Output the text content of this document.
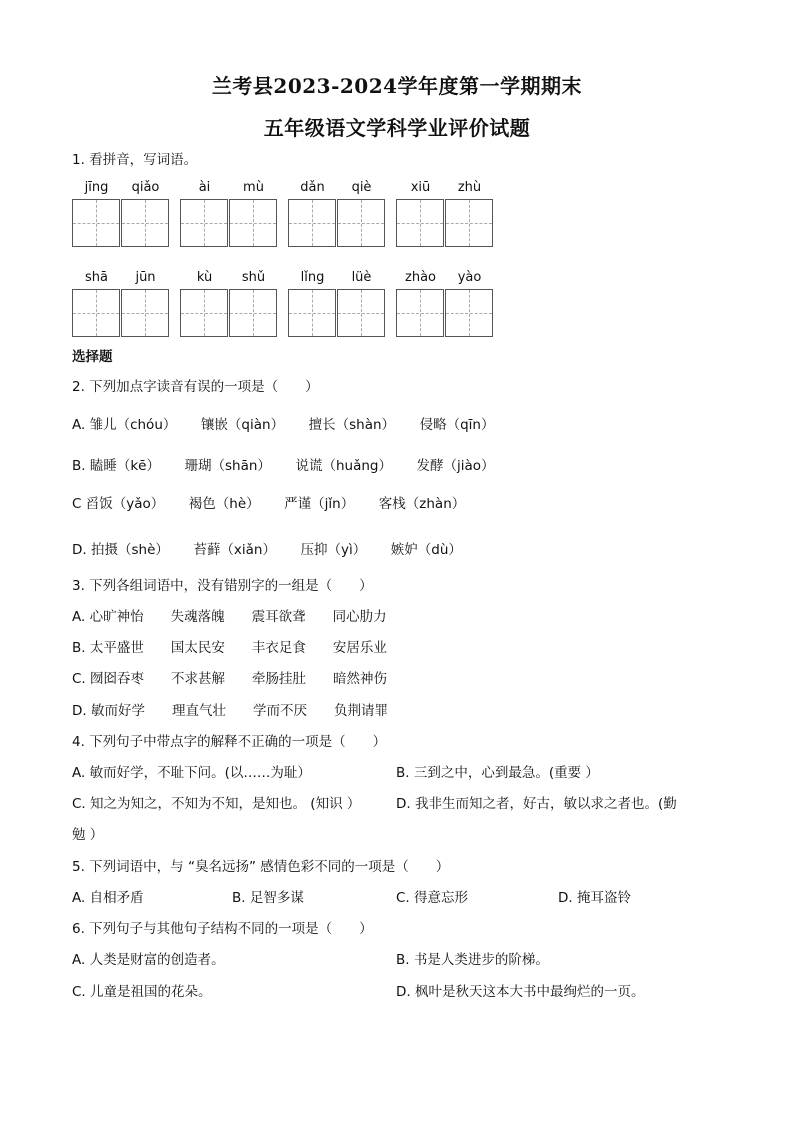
兰考县2023-2024学年度第一学期期末
五年级语文学科学业评价试题
1. 看拼音，写词语。
jīng	qiǎo	ài	mù	dǎn	qiè	xiū	zhù
shā	jūn	kù	shǔ	lǐng	lüè	zhào	yào
选择题
2. 下列加点字读音有误的一项是（　　）
A. 雏儿（chóu）　　 镶嵌（qiàn）　　 擅长（shàn）　　 侵略（qīn）
B. 瞌睡（kē）　　 珊瑚（shān）　　 说谎（huǎng）　　 发酵（jiào）
C 舀饭（yǎo）　　 褐色（hè）　　 严谨（jǐn）　　 客栈（zhàn）
D. 拍摄（shè）　　 苔藓（xiǎn）　　 压抑（yì）　　 嫉妒（dù）
3. 下列各组词语中，没有错别字的一组是（　　）
A. 心旷神怡　　失魂落魄　　震耳欲聋　　同心肋力
B. 太平盛世　　国太民安　　丰衣足食　　安居乐业
C. 囫囵吞枣　　不求甚解　　牵肠挂肚　　暗然神伤
D. 敏而好学　　理直气壮　　学而不厌　　负荆请罪
4. 下列句子中带点字的解释不正确的一项是（　　）
A. 敏而好学，不耻下问。(以……为耻）	B. 三到之中，心到最急。(重要 ）
C. 知之为知之，不知为不知，是知也。 (知识 ）	D. 我非生而知之者，好古，敏以求之者也。(勤
勉 ）
5. 下列词语中，与 “臭名远扬” 感情色彩不同的一项是（　　）
A. 自相矛盾	B. 足智多谋	C. 得意忘形	D. 掩耳盗铃
6. 下列句子与其他句子结构不同的一项是（　　）
A. 人类是财富的创造者。	B. 书是人类进步的阶梯。
C. 儿童是祖国的花朵。	D. 枫叶是秋天这本大书中最绚烂的一页。
